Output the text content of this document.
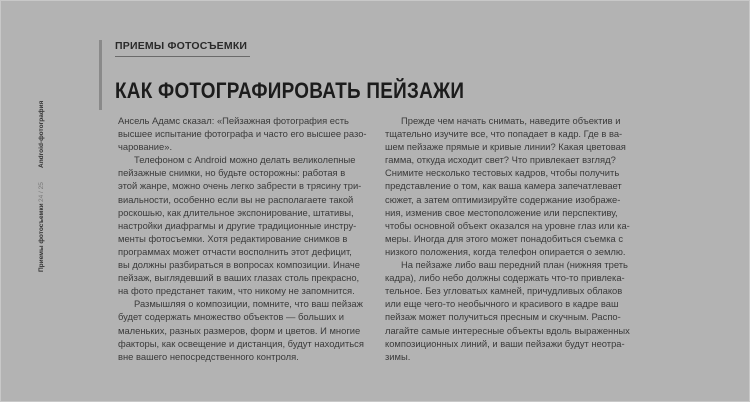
ПРИЕМЫ ФОТОСЪЕМКИ
КАК ФОТОГРАФИРОВАТЬ ПЕЙЗАЖИ
Android-фотография
24 / 25
Приемы фотосъемки
Ансель Адамс сказал: «Пейзажная фотография есть
высшее испытание фотографа и часто его высшее разо-
чарование».
Телефоном с Android можно делать великолепные
пейзажные снимки, но будьте осторожны: работая в
этой жанре, можно очень легко забрести в трясину три-
виальности, особенно если вы не располагаете такой
роскошью, как длительное экспонирование, штативы,
настройки диафрагмы и другие традиционные инстру-
менты фотосъемки. Хотя редактирование снимков в
программах может отчасти восполнить этот дефицит,
вы должны разбираться в вопросах композиции. Иначе
пейзаж, выглядевший в ваших глазах столь прекрасно,
на фото предстанет таким, что никому не запомнится.
Размышляя о композиции, помните, что ваш пейзаж
будет содержать множество объектов — больших и
маленьких, разных размеров, форм и цветов. И многие
факторы, как освещение и дистанция, будут находиться
вне вашего непосредственного контроля.
Прежде чем начать снимать, наведите объектив и
тщательно изучите все, что попадает в кадр. Где в ва-
шем пейзаже прямые и кривые линии? Какая цветовая
гамма, откуда исходит свет? Что привлекает взгляд?
Снимите несколько тестовых кадров, чтобы получить
представление о том, как ваша камера запечатлевает
сюжет, а затем оптимизируйте содержание изображе-
ния, изменив свое местоположение или перспективу,
чтобы основной объект оказался на уровне глаз или ка-
меры. Иногда для этого может понадобиться съемка с
низкого положения, когда телефон опирается о землю.
На пейзаже либо ваш передний план (нижняя треть
кадра), либо небо должны содержать что-то привлека-
тельное. Без угловатых камней, причудливых облаков
или еще чего-то необычного и красивого в кадре ваш
пейзаж может получиться пресным и скучным. Распо-
лагайте самые интересные объекты вдоль выраженных
композиционных линий, и ваши пейзажи будут неотра-
зимы.
